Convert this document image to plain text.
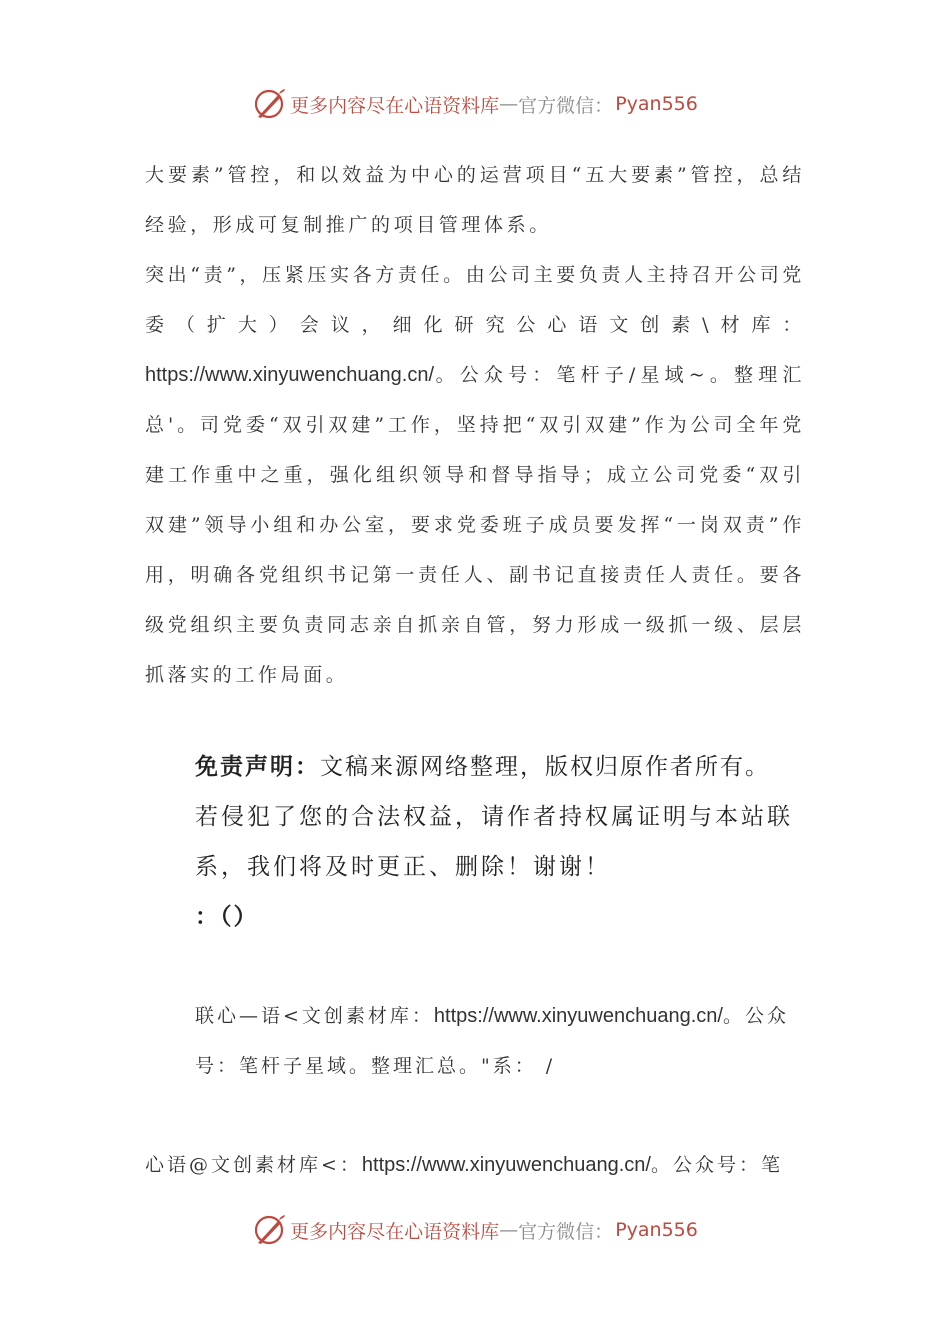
更多内容尽在心语资料库 — 官方微信： Pyan556

大要素”管控，和以效益为中心的运营项目“五大要素”管控，总结经验，形成可复制推广的项目管理体系。

突出“责”，压紧压实各方责任。由公司主要负责人主持召开公司党委（扩大）会议，细化研究公心语文创素\材库：https://www.xinyuwenchuang.cn/。公众号：笔杆子/星域~。整理汇总'。司党委“双引双建”工作，坚持把“双引双建”作为公司全年党建工作重中之重，强化组织领导和督导指导；成立公司党委“双引双建”领导小组和办公室，要求党委班子成员要发挥“一岗双责”作用，明确各党组织书记第一责任人、副书记直接责任人责任。要各级党组织主要负责同志亲自抓亲自管，努力形成一级抓一级、层层抓落实的工作局面。

免责声明：文稿来源网络整理，版权归原作者所有。

若侵犯了您的合法权益，请作者持权属证明与本站联系，我们将及时更正、删除！谢谢！

：（）

联心—语<文创素材库：https://www.xinyuwenchuang.cn/。公众号：笔杆子星域。整理汇总。"系： /

心语@文创素材库<：https://www.xinyuwenchuang.cn/。公众号：笔

更多内容尽在心语资料库 — 官方微信： Pyan556
